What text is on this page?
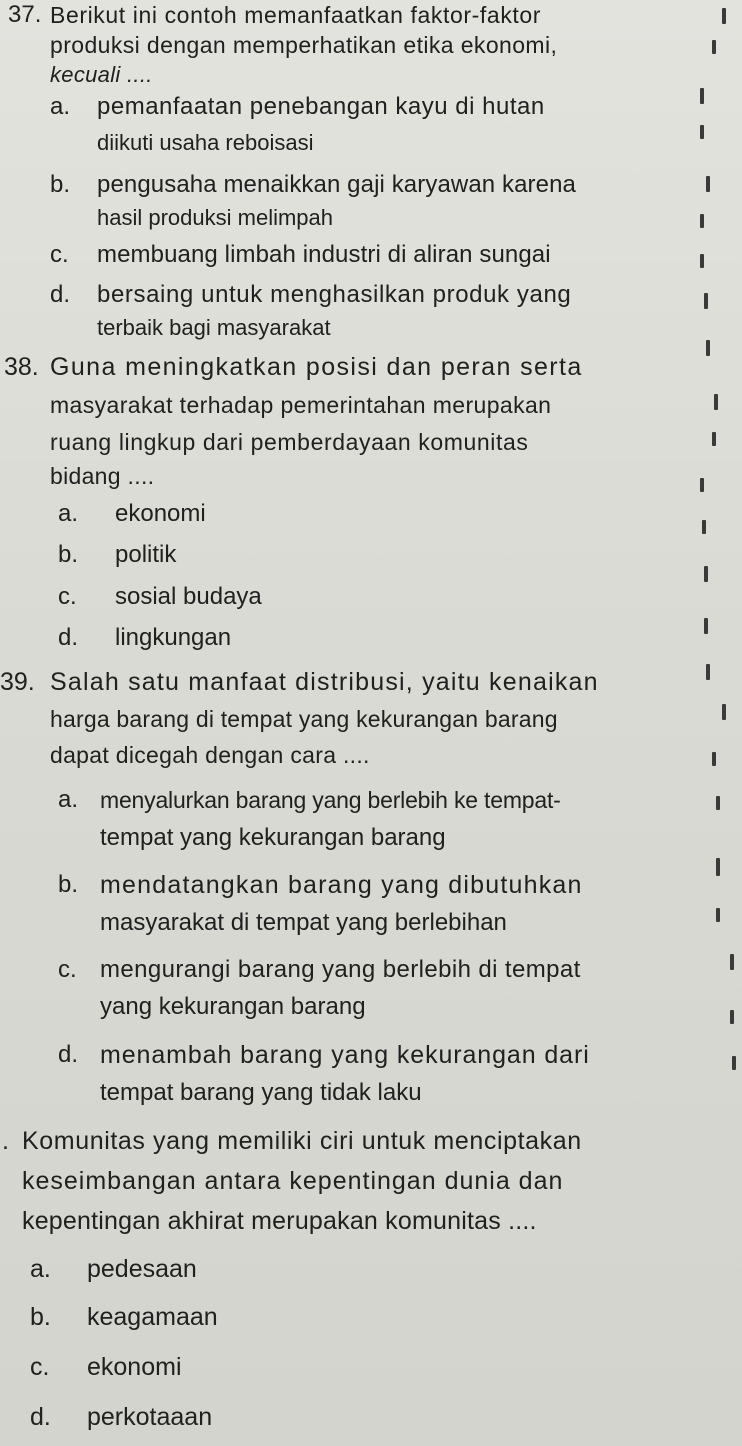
37. Berikut ini contoh memanfaatkan faktor-faktor
produksi dengan memperhatikan etika ekonomi,
kecuali ....
a. pemanfaatan penebangan kayu di hutan
diikuti usaha reboisasi
b. pengusaha menaikkan gaji karyawan karena
hasil produksi melimpah
c. membuang limbah industri di aliran sungai
d. bersaing untuk menghasilkan produk yang
terbaik bagi masyarakat
38. Guna meningkatkan posisi dan peran serta
masyarakat terhadap pemerintahan merupakan
ruang lingkup dari pemberdayaan komunitas
bidang ....
a. ekonomi
b. politik
c. sosial budaya
d. lingkungan
39. Salah satu manfaat distribusi, yaitu kenaikan
harga barang di tempat yang kekurangan barang
dapat dicegah dengan cara ....
a. menyalurkan barang yang berlebih ke tempat-
tempat yang kekurangan barang
b. mendatangkan barang yang dibutuhkan
masyarakat di tempat yang berlebihan
c. mengurangi barang yang berlebih di tempat
yang kekurangan barang
d. menambah barang yang kekurangan dari
tempat barang yang tidak laku
. Komunitas yang memiliki ciri untuk menciptakan
keseimbangan antara kepentingan dunia dan
kepentingan akhirat merupakan komunitas ....
a. pedesaan
b. keagamaan
c. ekonomi
d. perkotaaan
